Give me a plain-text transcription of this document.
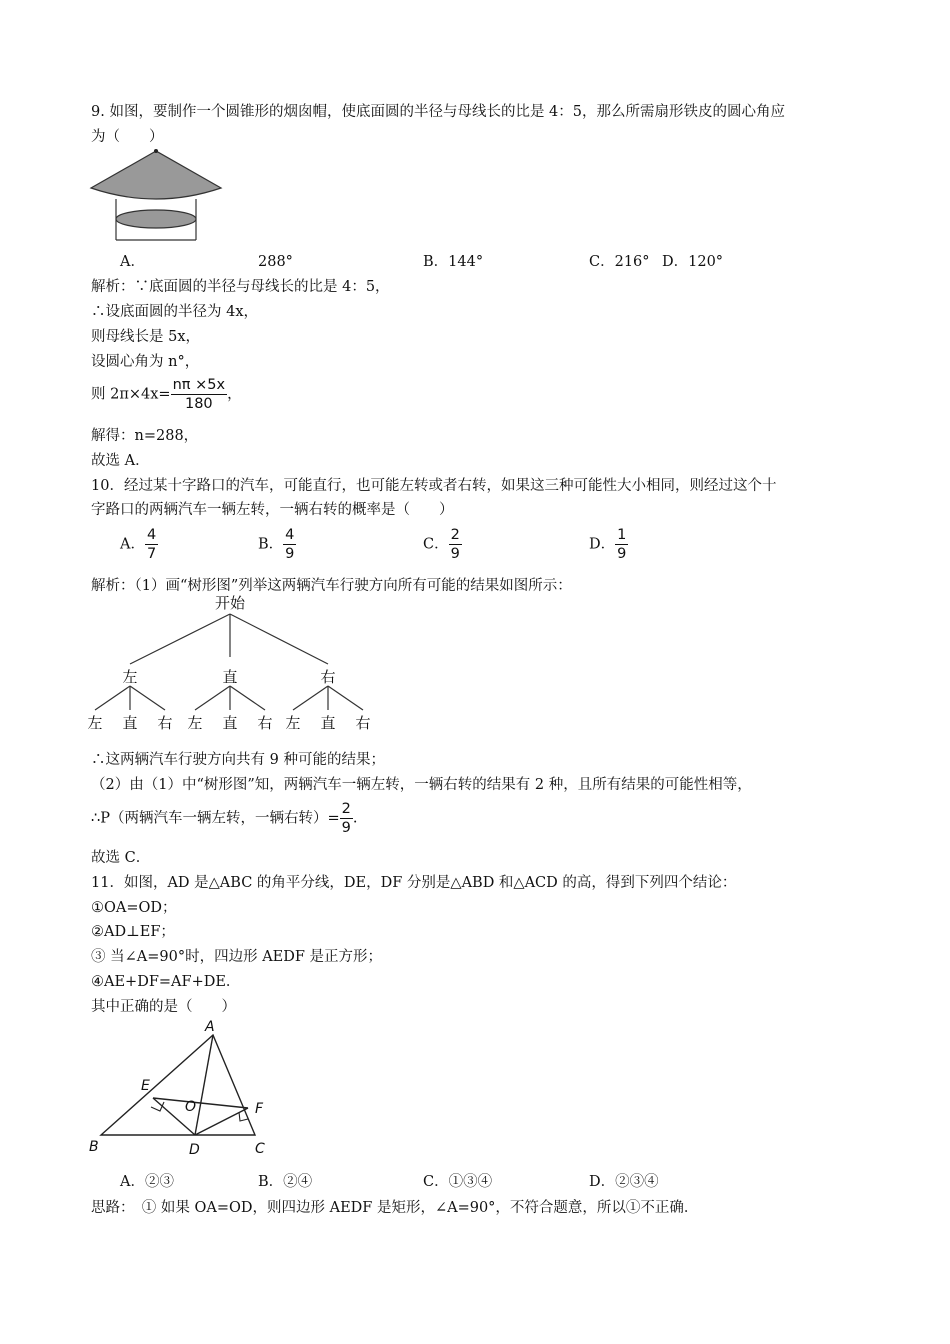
9. 如图，要制作一个圆锥形的烟囱帽，使底面圆的半径与母线长的比是 4：5，那么所需扇形铁皮的圆心角应
为（　　）
A．	288°	B．144°	C．216° D．120°
解析：∵底面圆的半径与母线长的比是 4：5，
∴设底面圆的半径为 4x，
则母线长是 5x，
设圆心角为 n°，
则 $2\pi\times 4x= \frac{n\pi \times 5x}{180}$ ，
解得：n=288，
故选 A．
10．经过某十字路口的汽车，可能直行，也可能左转或者右转，如果这三种可能性大小相同，则经过这个十
字路口的两辆汽车一辆左转，一辆右转的概率是（　　）
A． $\frac{4}{7}$	B． $\frac{4}{9}$	C． $\frac{2}{9}$	D． $\frac{1}{9}$
解析：（1）画“树形图”列举这两辆汽车行驶方向所有可能的结果如图所示：
开始
左	直	右
左 直 右 左 直 右 左 直 右
∴这两辆汽车行驶方向共有 9 种可能的结果；
（2）由（1）中“树形图”知，两辆汽车一辆左转，一辆右转的结果有 2 种，且所有结果的可能性相等，
∴P（两辆汽车一辆左转，一辆右转）= $\frac{2}{9}$ .
故选 C．
11．如图，AD 是△ABC 的角平分线，DE，DF 分别是△ABD 和△ACD 的高，得到下列四个结论：
①OA=OD；
②AD⊥EF；
③ 当∠A=90°时，四边形 AEDF 是正方形；
④AE+DF=AF+DE．
其中正确的是（　　）
A
B	C
D
E
F
O
A．②③	B．②④	C．①③④	D．②③④
思路：　① 如果 OA=OD，则四边形 AEDF 是矩形，∠A=90°，不符合题意，所以①不正确．
